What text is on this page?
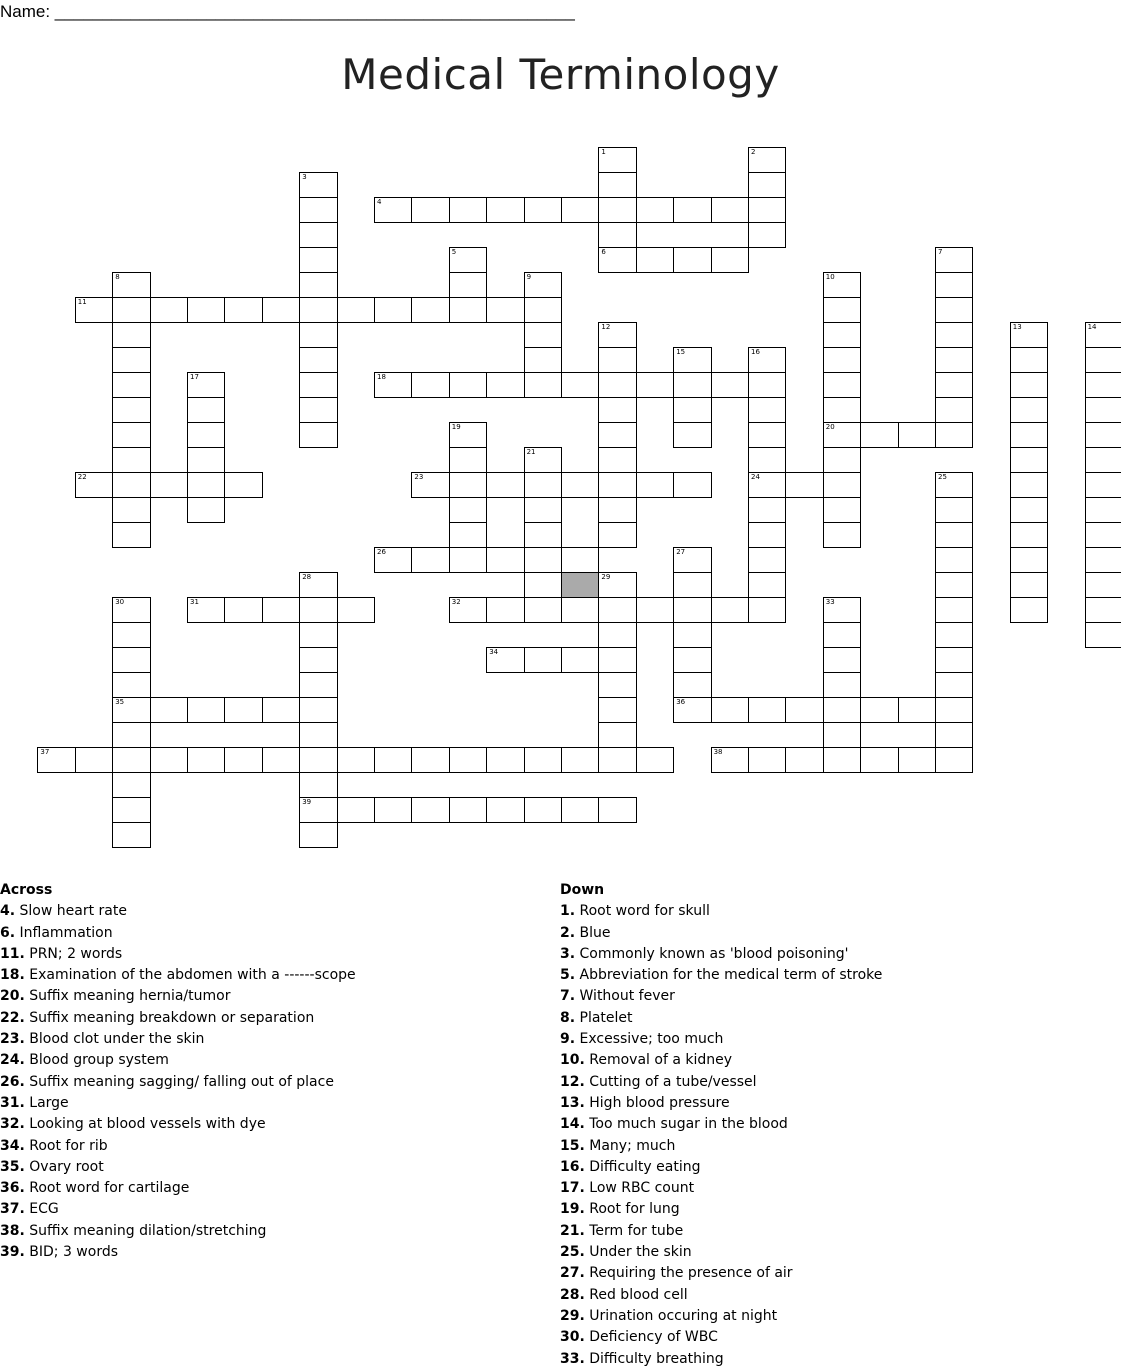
Name: _______________________________________________________
Medical Terminology
1	2
3
4
5	6	7
8	9	10
20
11
12	13	14
15	16
24
17	18
19
21
22	23	25
26	27
36
28
39
29
30
35
31	32	33
34
37	38
Across
4. Slow heart rate
6. Inflammation
11. PRN; 2 words
18. Examination of the abdomen with a ------scope
20. Suffix meaning hernia/tumor
22. Suffix meaning breakdown or separation
23. Blood clot under the skin
24. Blood group system
26. Suffix meaning sagging/ falling out of place
31. Large
32. Looking at blood vessels with dye
34. Root for rib
35. Ovary root
36. Root word for cartilage
37. ECG
38. Suffix meaning dilation/stretching
39. BID; 3 words
Down
1. Root word for skull
2. Blue
3. Commonly known as 'blood poisoning'
5. Abbreviation for the medical term of stroke
7. Without fever
8. Platelet
9. Excessive; too much
10. Removal of a kidney
12. Cutting of a tube/vessel
13. High blood pressure
14. Too much sugar in the blood
15. Many; much
16. Difficulty eating
17. Low RBC count
19. Root for lung
21. Term for tube
25. Under the skin
27. Requiring the presence of air
28. Red blood cell
29. Urination occuring at night
30. Deficiency of WBC
33. Difficulty breathing
